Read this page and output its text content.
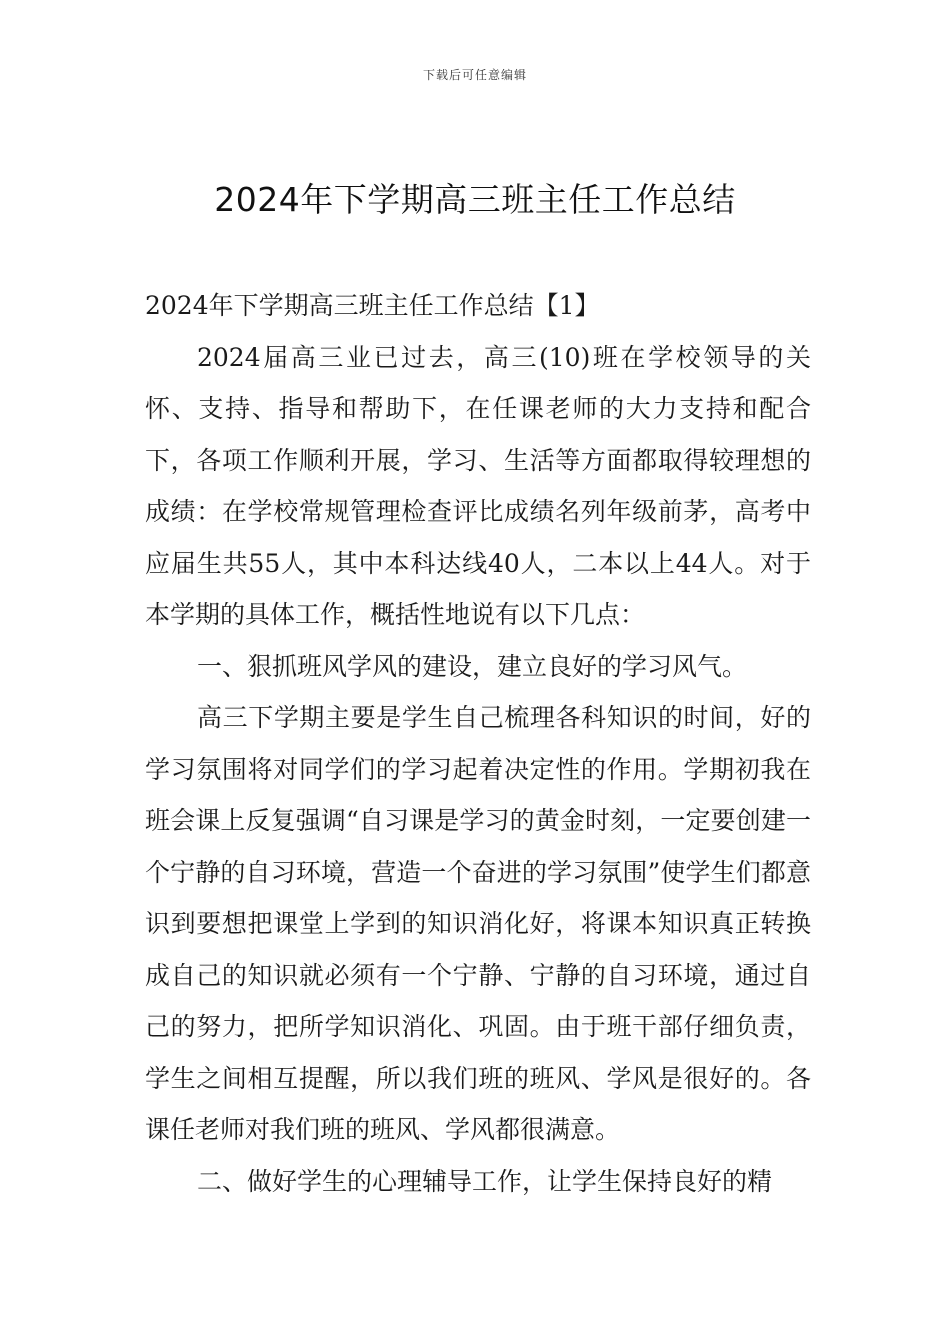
下载后可任意编辑
2024年下学期高三班主任工作总结

2024年下学期高三班主任工作总结【1】

2024届高三业已过去，高三(10)班在学校领导的关怀、支持、指导和帮助下，在任课老师的大力支持和配合下，各项工作顺利开展，学习、生活等方面都取得较理想的成绩：在学校常规管理检查评比成绩名列年级前茅，高考中应届生共55人，其中本科达线40人，二本以上44人。对于本学期的具体工作，概括性地说有以下几点：

一、狠抓班风学风的建设，建立良好的学习风气。

高三下学期主要是学生自己梳理各科知识的时间，好的学习氛围将对同学们的学习起着决定性的作用。学期初我在班会课上反复强调“自习课是学习的黄金时刻，一定要创建一个宁静的自习环境，营造一个奋进的学习氛围”使学生们都意识到要想把课堂上学到的知识消化好，将课本知识真正转换成自己的知识就必须有一个宁静、宁静的自习环境，通过自己的努力，把所学知识消化、巩固。由于班干部仔细负责，学生之间相互提醒，所以我们班的班风、学风是很好的。各课任老师对我们班的班风、学风都很满意。

二、做好学生的心理辅导工作，让学生保持良好的精
